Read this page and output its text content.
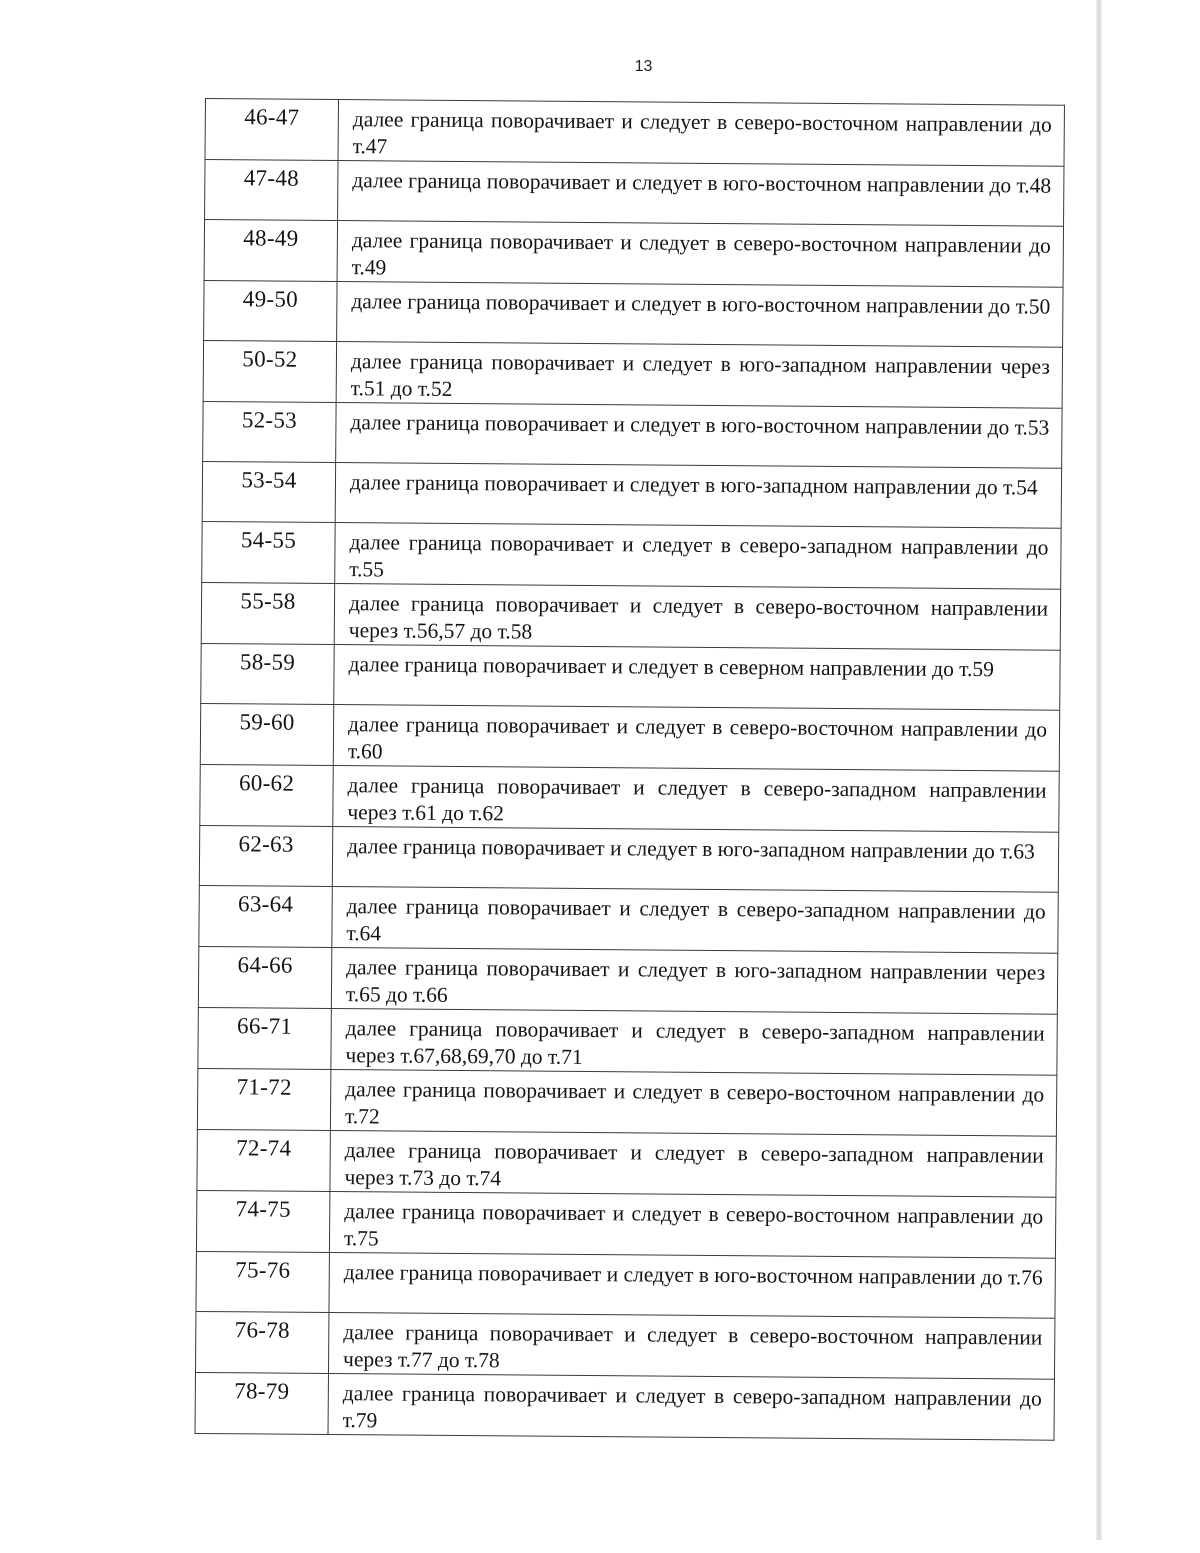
13
46-47	далее граница поворачивает и следует в северо-восточном направлении до т.47
47-48	далее граница поворачивает и следует в юго-восточном направлении до т.48
48-49	далее граница поворачивает и следует в северо-восточном направлении до т.49
49-50	далее граница поворачивает и следует в юго-восточном направлении до т.50
50-52	далее граница поворачивает и следует в юго-западном направлении через т.51 до т.52
52-53	далее граница поворачивает и следует в юго-восточном направлении до т.53
53-54	далее граница поворачивает и следует в юго-западном направлении до т.54
54-55	далее граница поворачивает и следует в северо-западном направлении до т.55
55-58	далее граница поворачивает и следует в северо-восточном направлении через т.56,57 до т.58
58-59	далее граница поворачивает и следует в северном направлении до т.59
59-60	далее граница поворачивает и следует в северо-восточном направлении до т.60
60-62	далее граница поворачивает и следует в северо-западном направлении через т.61 до т.62
62-63	далее граница поворачивает и следует в юго-западном направлении до т.63
63-64	далее граница поворачивает и следует в северо-западном направлении до т.64
64-66	далее граница поворачивает и следует в юго-западном направлении через т.65 до т.66
66-71	далее граница поворачивает и следует в северо-западном направлении через т.67,68,69,70 до т.71
71-72	далее граница поворачивает и следует в северо-восточном направлении до т.72
72-74	далее граница поворачивает и следует в северо-западном направлении через т.73 до т.74
74-75	далее граница поворачивает и следует в северо-восточном направлении до т.75
75-76	далее граница поворачивает и следует в юго-восточном направлении до т.76
76-78	далее граница поворачивает и следует в северо-восточном направлении через т.77 до т.78
78-79	далее граница поворачивает и следует в северо-западном направлении до т.79
